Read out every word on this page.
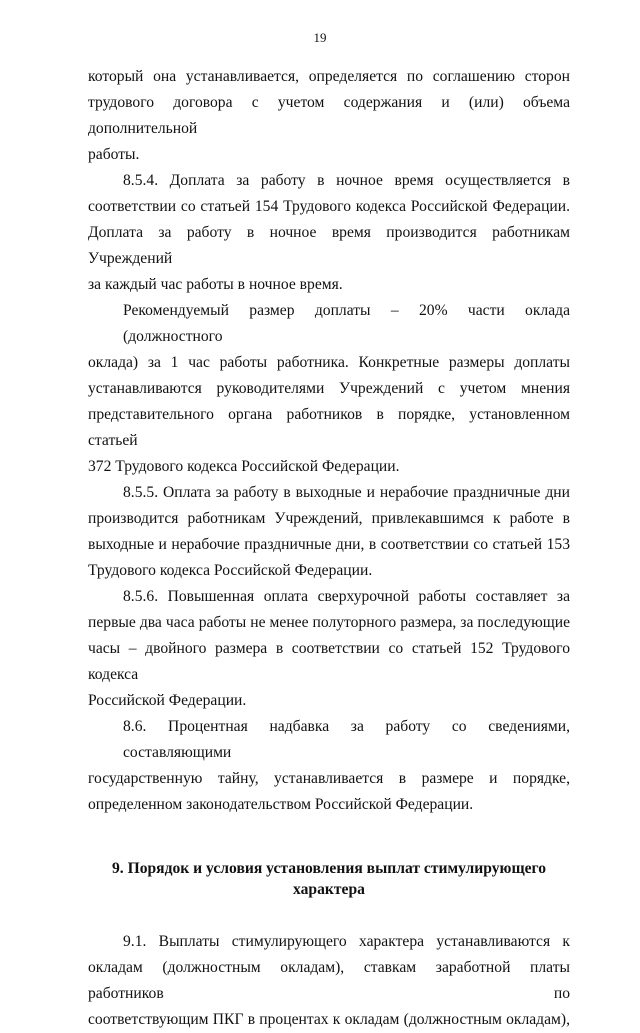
19

который она устанавливается, определяется по соглашению сторон
трудового договора с учетом содержания и (или) объема дополнительной
работы.

8.5.4. Доплата за работу в ночное время осуществляется в
соответствии со статьей 154 Трудового кодекса Российской Федерации.
Доплата за работу в ночное время производится работникам Учреждений
за каждый час работы в ночное время.

Рекомендуемый размер доплаты – 20% части оклада (должностного
оклада) за 1 час работы работника. Конкретные размеры доплаты
устанавливаются руководителями Учреждений с учетом мнения
представительного органа работников в порядке, установленном статьей
372 Трудового кодекса Российской Федерации.

8.5.5. Оплата за работу в выходные и нерабочие праздничные дни
производится работникам Учреждений, привлекавшимся к работе в
выходные и нерабочие праздничные дни, в соответствии со статьей 153
Трудового кодекса Российской Федерации.

8.5.6. Повышенная оплата сверхурочной работы составляет за
первые два часа работы не менее полуторного размера, за последующие
часы – двойного размера в соответствии со статьей 152 Трудового кодекса
Российской Федерации.

8.6. Процентная надбавка за работу со сведениями, составляющими
государственную тайну, устанавливается в размере и порядке,
определенном законодательством Российской Федерации.

9. Порядок и условия установления выплат стимулирующего
характера

9.1. Выплаты стимулирующего характера устанавливаются к
окладам (должностным окладам), ставкам заработной платы работников по
соответствующим ПКГ в процентах к окладам (должностным окладам),
